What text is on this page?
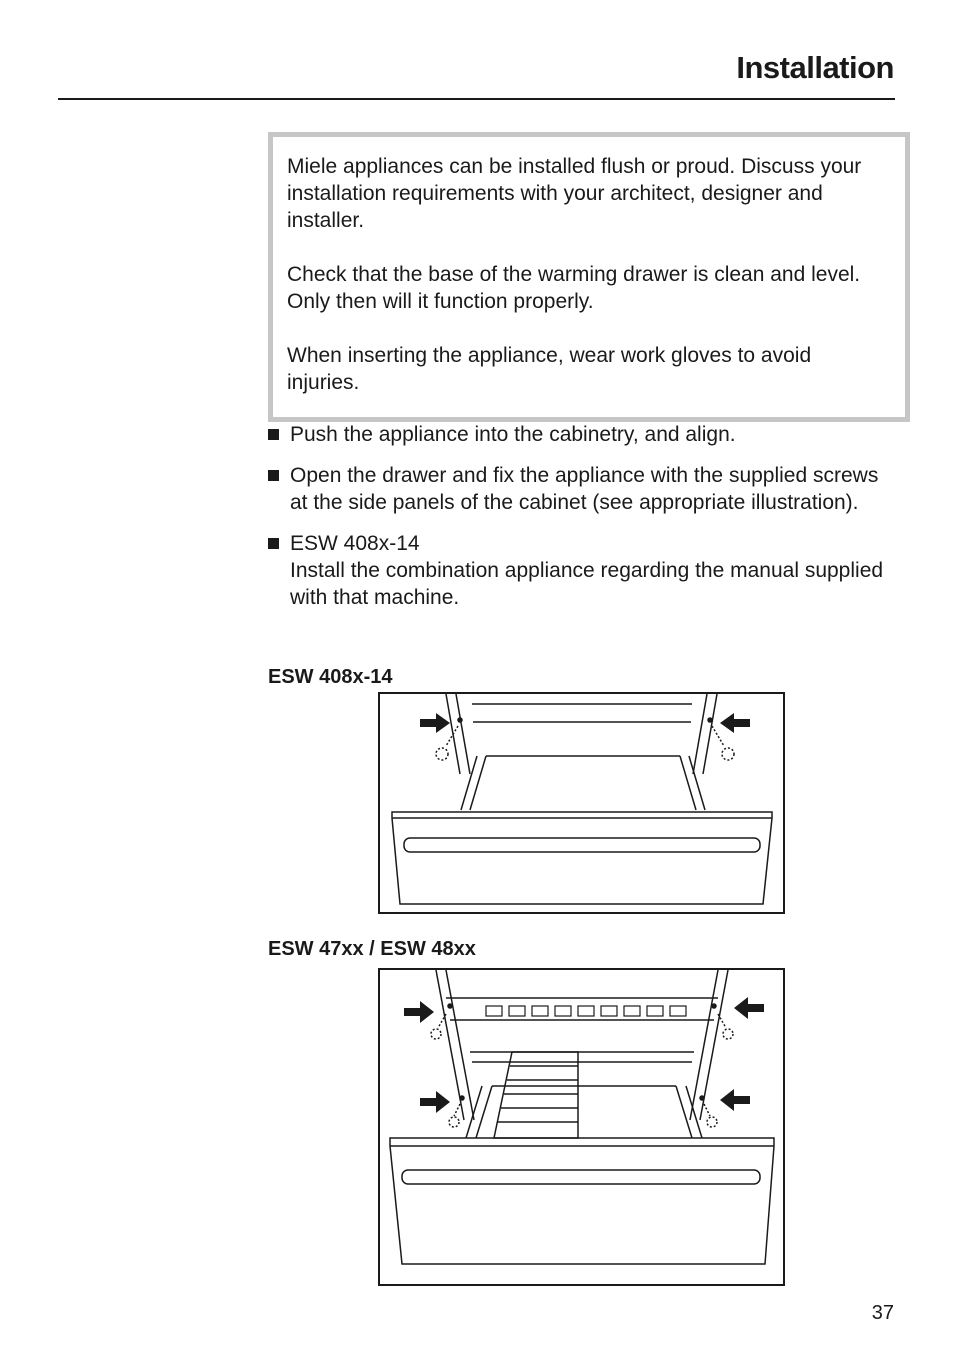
Installation

Miele appliances can be installed flush or proud. Discuss your installation requirements with your architect, designer and installer.

Check that the base of the warming drawer is clean and level. Only then will it function properly.

When inserting the appliance, wear work gloves to avoid injuries.

Push the appliance into the cabinetry, and align.
Open the drawer and fix the appliance with the supplied screws at the side panels of the cabinet (see appropriate illustration).
ESW 408x-14
Install the combination appliance regarding the manual supplied with that machine.
ESW 408x-14
ESW 47xx / ESW 48xx
37
